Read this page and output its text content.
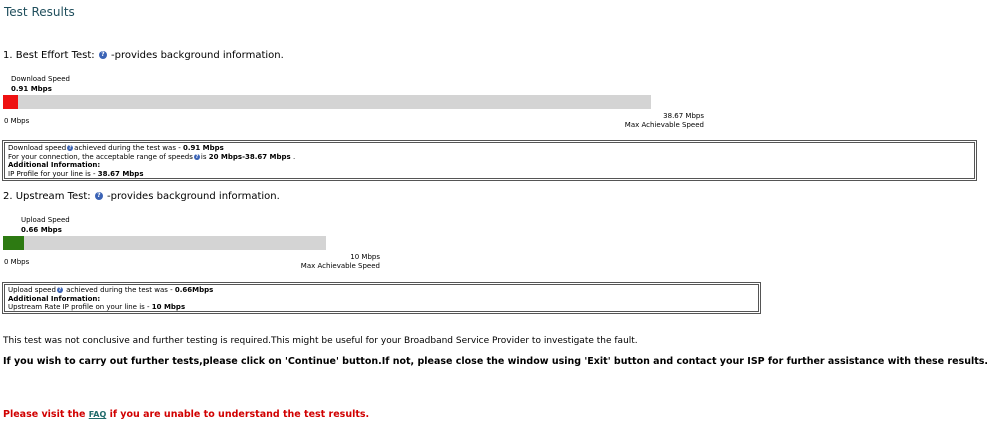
Test Results
1. Best Effort Test: ? -provides background information.
Download Speed
0.91 Mbps
0 Mbps
38.67 Mbps
Max Achievable Speed
Download speed ? achieved during the test was - 0.91 Mbps
For your connection, the acceptable range of speeds ? is 20 Mbps-38.67 Mbps .
Additional Information:
IP Profile for your line is - 38.67 Mbps
2. Upstream Test: ? -provides background information.
Upload Speed
0.66 Mbps
0 Mbps
10 Mbps
Max Achievable Speed
Upload speed ? achieved during the test was - 0.66Mbps
Additional Information:
Upstream Rate IP profile on your line is - 10 Mbps
This test was not conclusive and further testing is required.This might be useful for your Broadband Service Provider to investigate the fault.
If you wish to carry out further tests,please click on 'Continue' button.If not, please close the window using 'Exit' button and contact your ISP for further assistance with these results.
Please visit the FAQ if you are unable to understand the test results.
